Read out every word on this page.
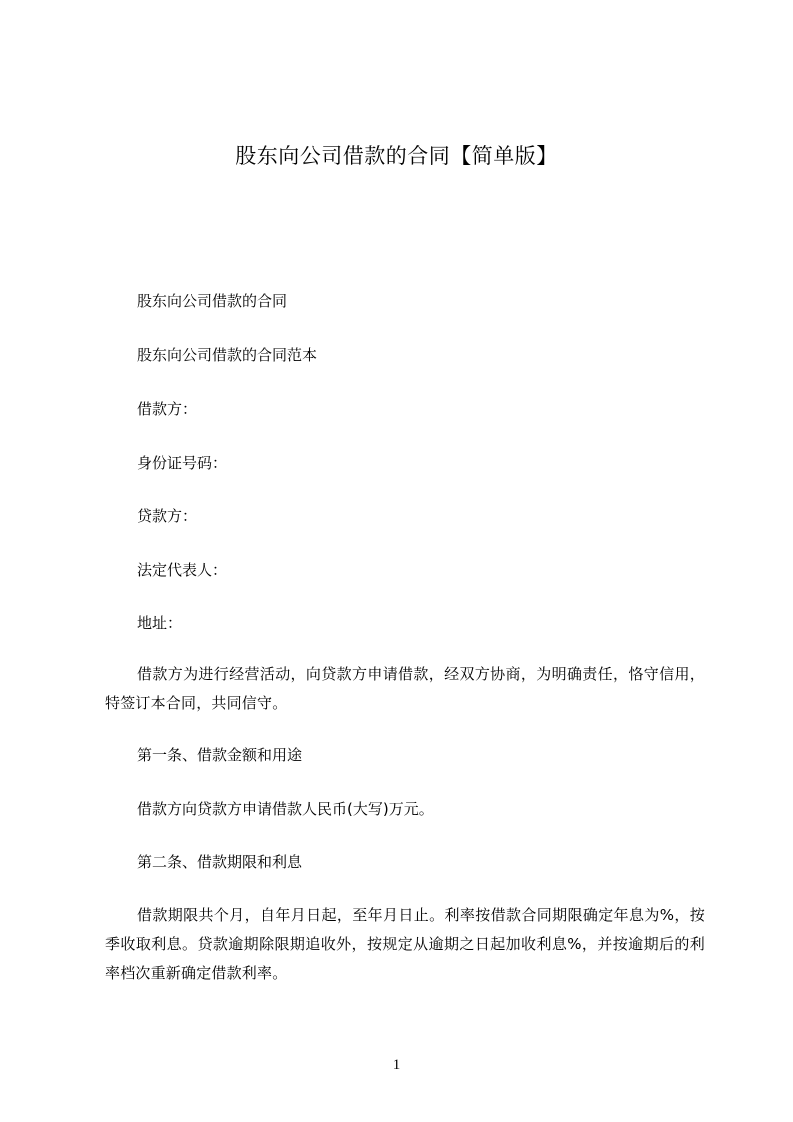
股东向公司借款的合同【简单版】
股东向公司借款的合同
股东向公司借款的合同范本
借款方：
身份证号码：
贷款方：
法定代表人：
地址：
借款方为进行经营活动，向贷款方申请借款，经双方协商，为明确责任，恪守信用，特签订本合同，共同信守。
第一条、借款金额和用途
借款方向贷款方申请借款人民币(大写)万元。
第二条、借款期限和利息
借款期限共个月，自年月日起，至年月日止。利率按借款合同期限确定年息为%，按季收取利息。贷款逾期除限期追收外，按规定从逾期之日起加收利息%，并按逾期后的利率档次重新确定借款利率。
1
